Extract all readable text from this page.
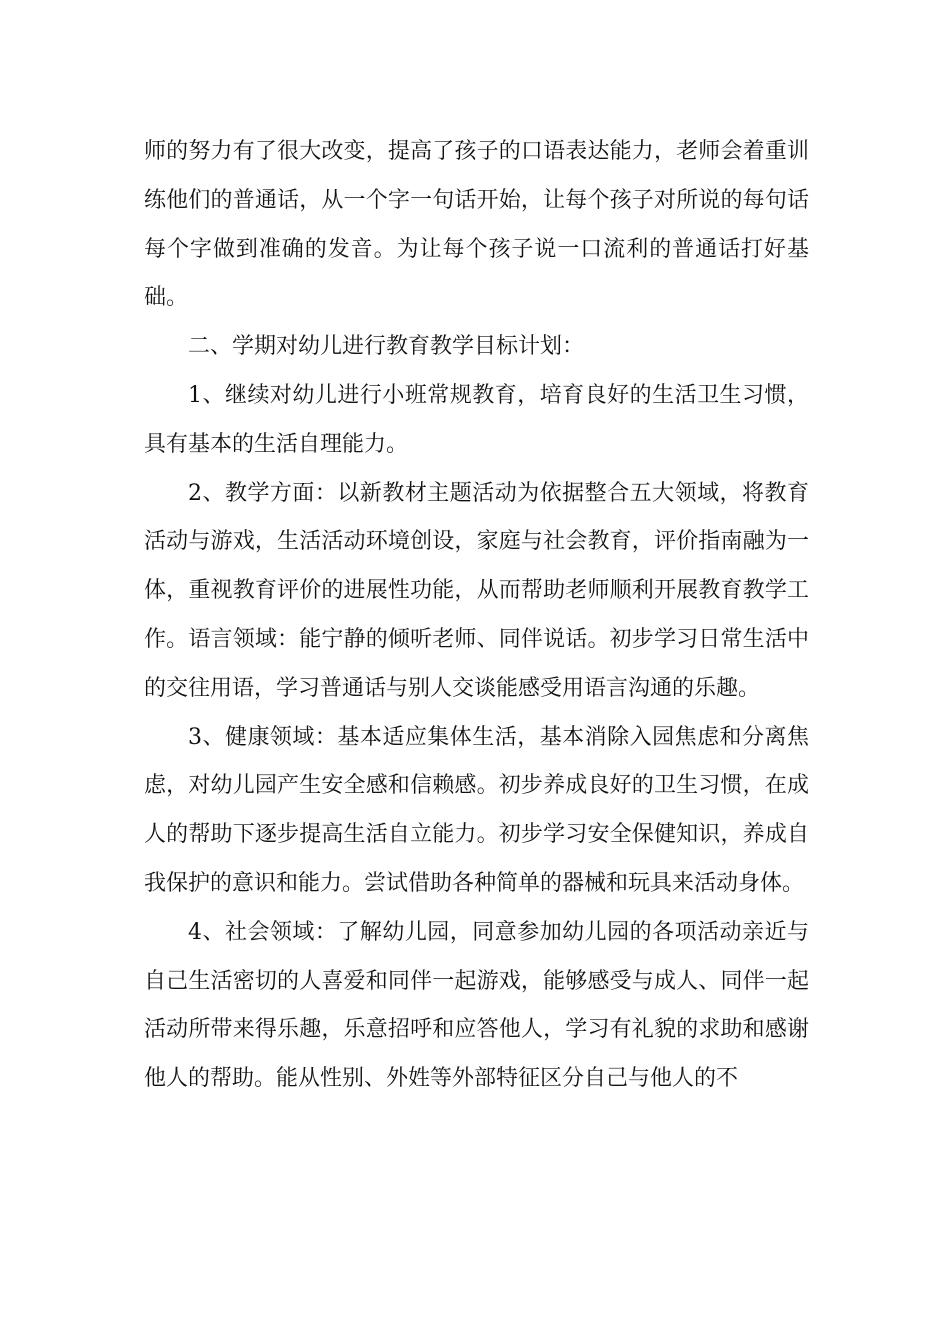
师的努力有了很大改变，提高了孩子的口语表达能力，老师会着重训练他们的普通话，从一个字一句话开始，让每个孩子对所说的每句话每个字做到准确的发音。为让每个孩子说一口流利的普通话打好基础。

二、学期对幼儿进行教育教学目标计划：

1、继续对幼儿进行小班常规教育，培育良好的生活卫生习惯，具有基本的生活自理能力。

2、教学方面：以新教材主题活动为依据整合五大领域，将教育活动与游戏，生活活动环境创设，家庭与社会教育，评价指南融为一体，重视教育评价的进展性功能，从而帮助老师顺利开展教育教学工作。语言领域：能宁静的倾听老师、同伴说话。初步学习日常生活中的交往用语，学习普通话与别人交谈能感受用语言沟通的乐趣。

3、健康领域：基本适应集体生活，基本消除入园焦虑和分离焦虑，对幼儿园产生安全感和信赖感。初步养成良好的卫生习惯，在成人的帮助下逐步提高生活自立能力。初步学习安全保健知识，养成自我保护的意识和能力。尝试借助各种简单的器械和玩具来活动身体。

4、社会领域：了解幼儿园，同意参加幼儿园的各项活动亲近与自己生活密切的人喜爱和同伴一起游戏，能够感受与成人、同伴一起活动所带来得乐趣，乐意招呼和应答他人，学习有礼貌的求助和感谢他人的帮助。能从性别、外姓等外部特征区分自己与他人的不
